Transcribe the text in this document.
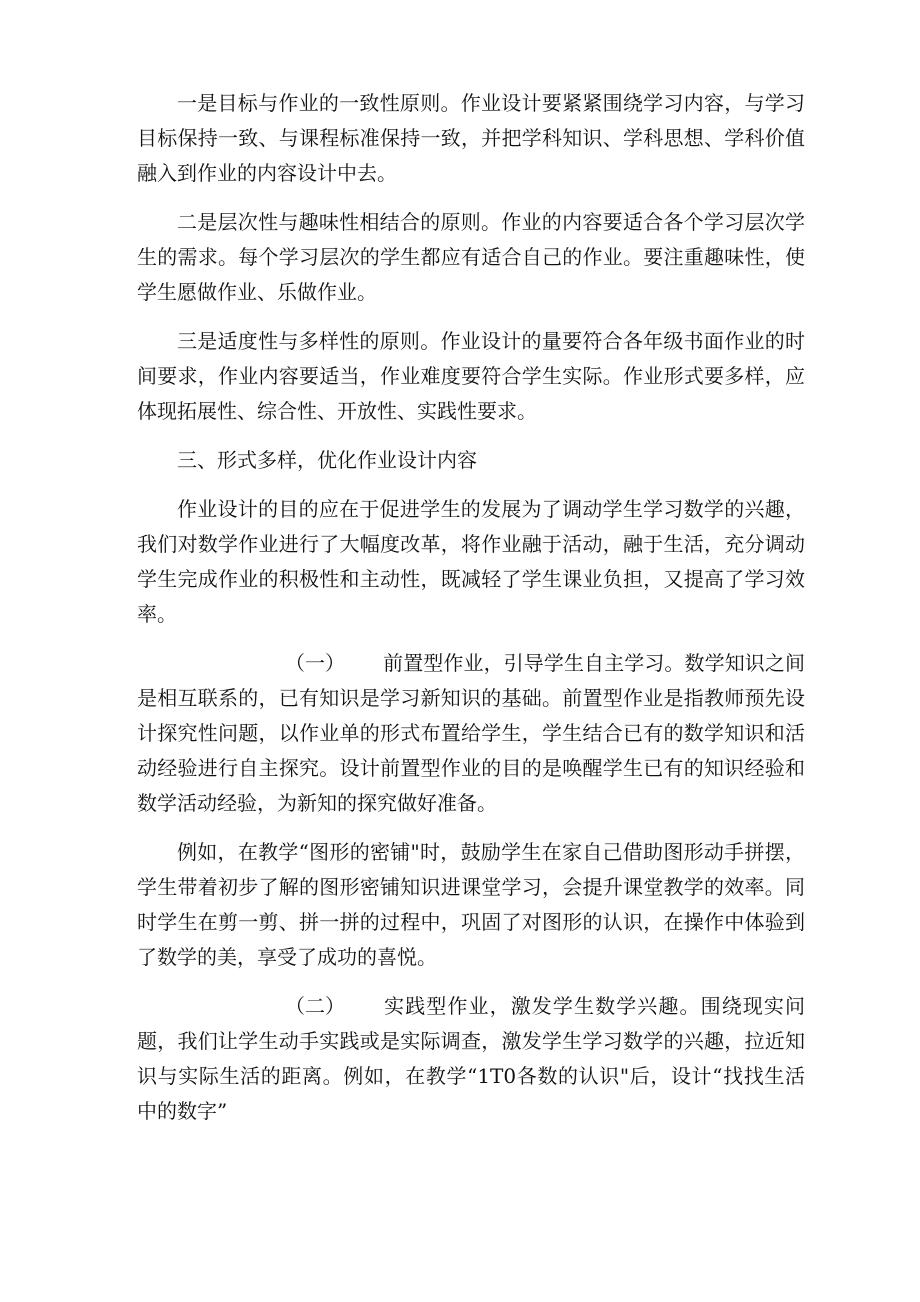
一是目标与作业的一致性原则。作业设计要紧紧围绕学习内容，与学习目标保持一致、与课程标准保持一致，并把学科知识、学科思想、学科价值融入到作业的内容设计中去。

二是层次性与趣味性相结合的原则。作业的内容要适合各个学习层次学生的需求。每个学习层次的学生都应有适合自己的作业。要注重趣味性，使学生愿做作业、乐做作业。

三是适度性与多样性的原则。作业设计的量要符合各年级书面作业的时间要求，作业内容要适当，作业难度要符合学生实际。作业形式要多样，应体现拓展性、综合性、开放性、实践性要求。

三、形式多样，优化作业设计内容

作业设计的目的应在于促进学生的发展为了调动学生学习数学的兴趣，我们对数学作业进行了大幅度改革，将作业融于活动，融于生活，充分调动学生完成作业的积极性和主动性，既减轻了学生课业负担，又提高了学习效率。

（一） 前置型作业，引导学生自主学习。数学知识之间是相互联系的，已有知识是学习新知识的基础。前置型作业是指教师预先设计探究性问题，以作业单的形式布置给学生，学生结合已有的数学知识和活动经验进行自主探究。设计前置型作业的目的是唤醒学生已有的知识经验和数学活动经验，为新知的探究做好准备。

例如，在教学“图形的密铺"时，鼓励学生在家自己借助图形动手拼摆，学生带着初步了解的图形密铺知识进课堂学习，会提升课堂教学的效率。同时学生在剪一剪、拼一拼的过程中，巩固了对图形的认识，在操作中体验到了数学的美，享受了成功的喜悦。

（二） 实践型作业，激发学生数学兴趣。围绕现实问题，我们让学生动手实践或是实际调查，激发学生学习数学的兴趣，拉近知识与实际生活的距离。例如，在教学“1T0各数的认识"后，设计“找找生活中的数字”
